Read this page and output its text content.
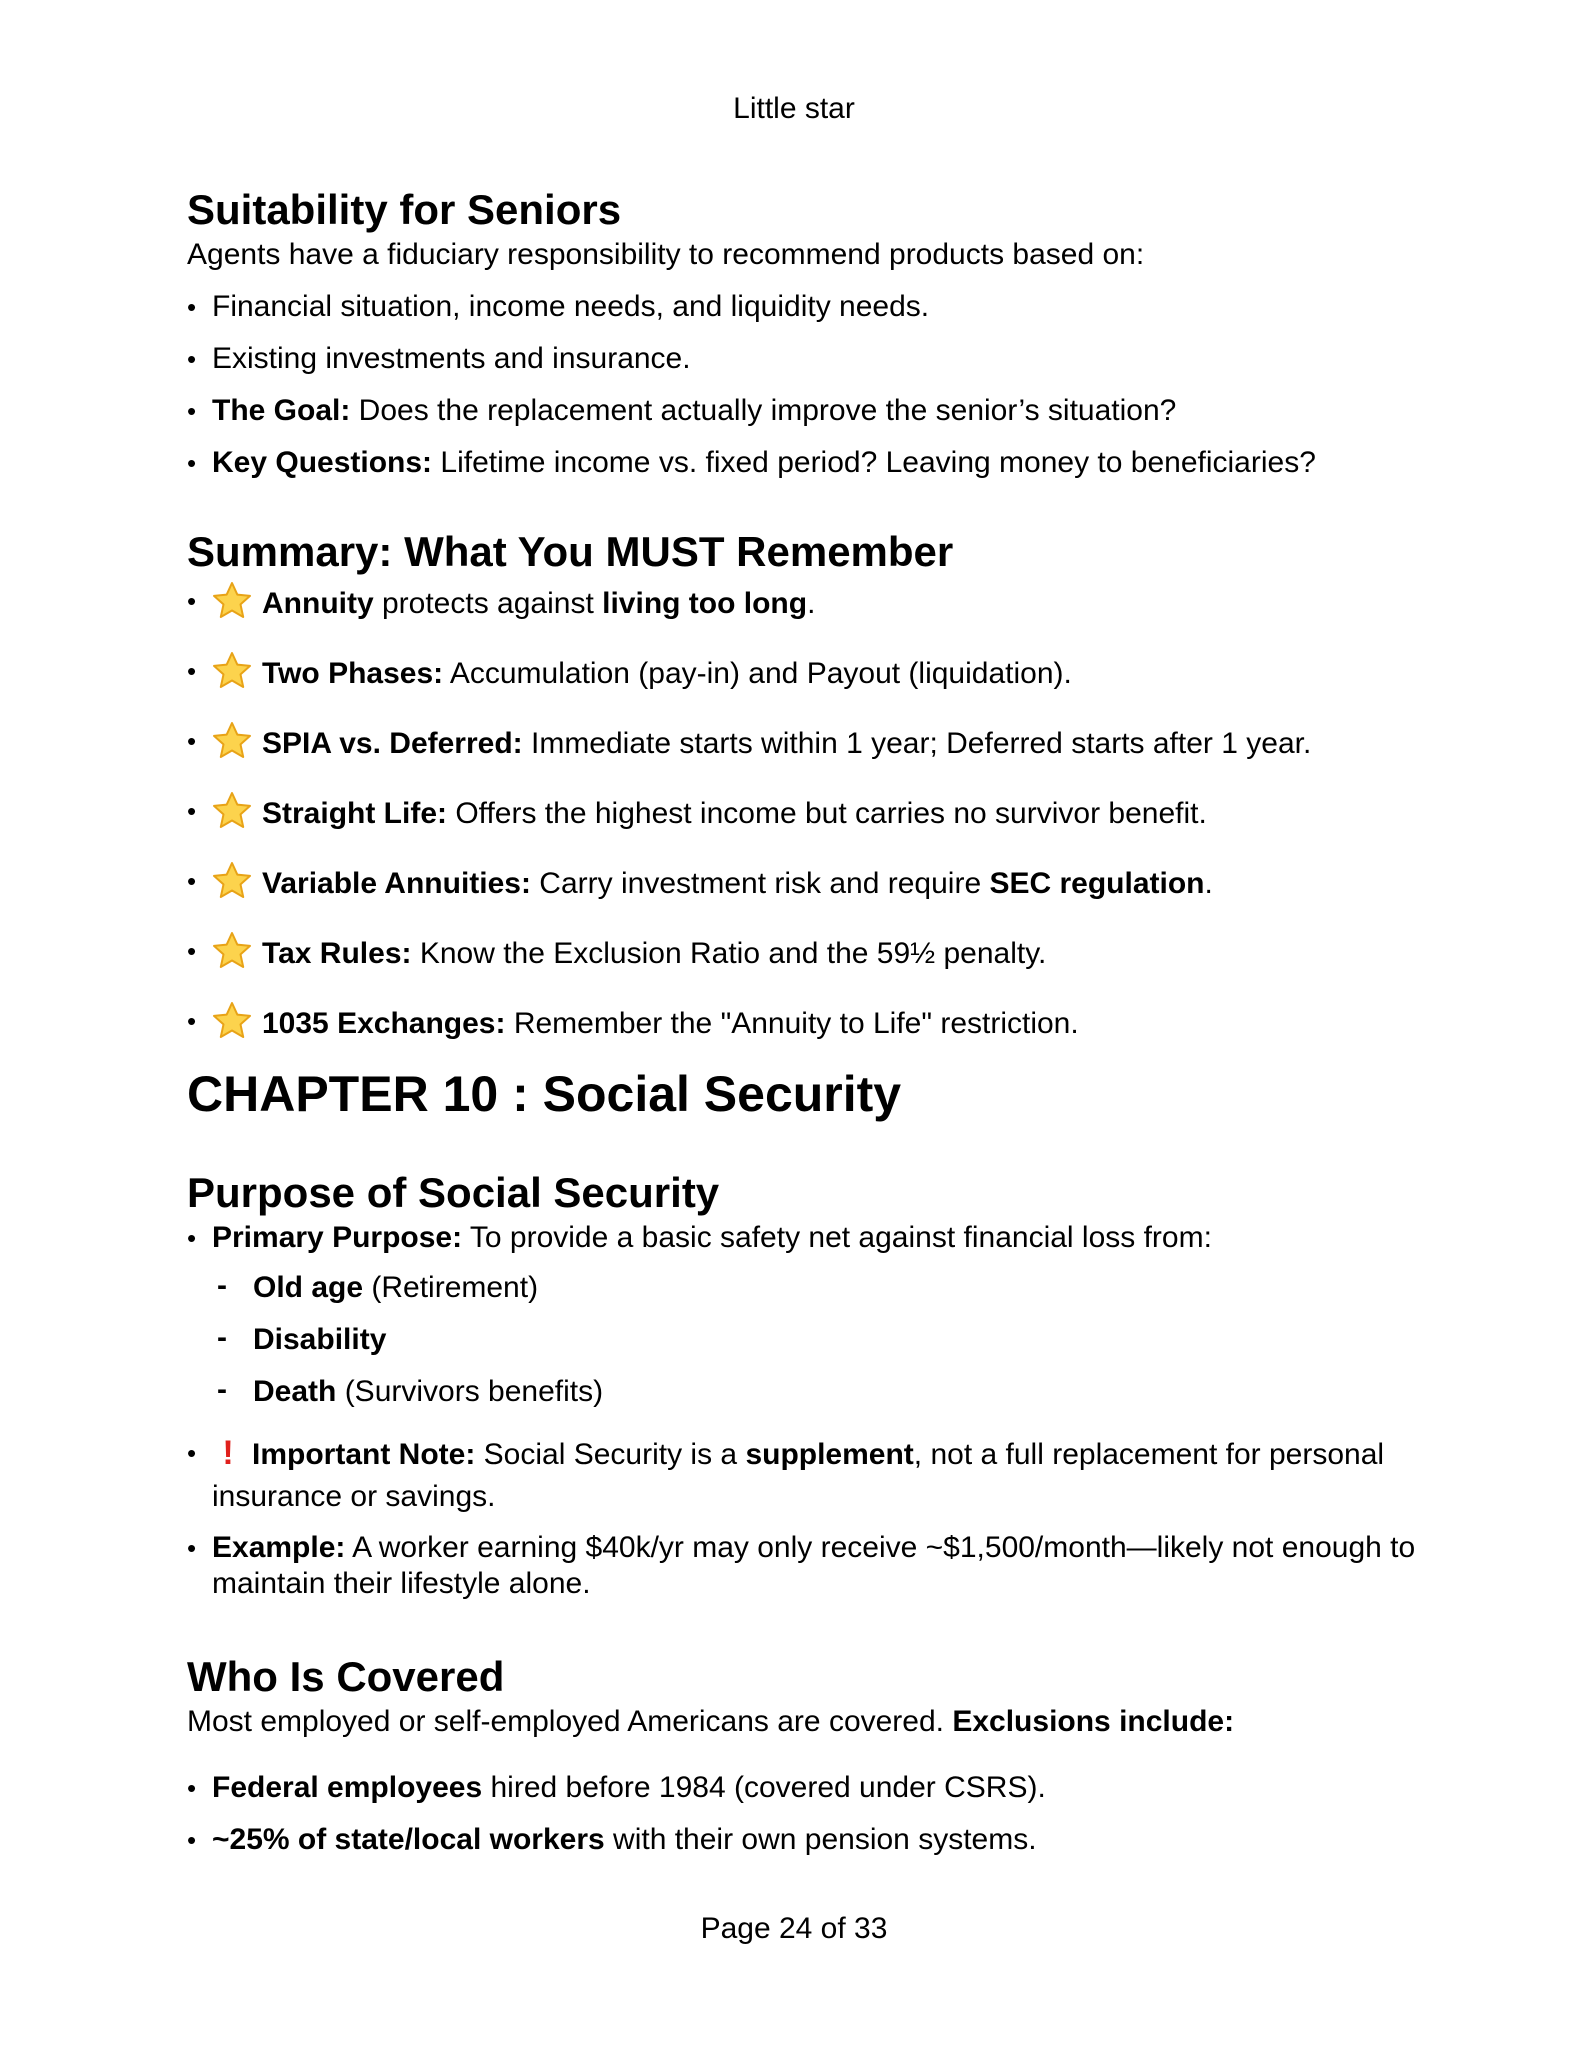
Little star
Suitability for Seniors

Agents have a fiduciary responsibility to recommend products based on:

• Financial situation, income needs, and liquidity needs.
• Existing investments and insurance.
• The Goal: Does the replacement actually improve the senior’s situation?
• Key Questions: Lifetime income vs. fixed period? Leaving money to beneficiaries?
Summary: What You MUST Remember
• Annuity protects against living too long.
• Two Phases: Accumulation (pay-in) and Payout (liquidation).
• SPIA vs. Deferred: Immediate starts within 1 year; Deferred starts after 1 year.
• Straight Life: Offers the highest income but carries no survivor benefit.
• Variable Annuities: Carry investment risk and require SEC regulation.
• Tax Rules: Know the Exclusion Ratio and the 59½ penalty.
• 1035 Exchanges: Remember the "Annuity to Life" restriction.
CHAPTER 10 : Social Security
Purpose of Social Security
• Primary Purpose: To provide a basic safety net against financial loss from:
- Old age (Retirement)
- Disability
- Death (Survivors benefits)
• ! Important Note: Social Security is a supplement, not a full replacement for personal insurance or savings.
• Example: A worker earning $40k/yr may only receive ~$1,500/month—likely not enough to maintain their lifestyle alone.
Who Is Covered

Most employed or self-employed Americans are covered. Exclusions include:

• Federal employees hired before 1984 (covered under CSRS).
• ~25% of state/local workers with their own pension systems.
Page 24 of 33
